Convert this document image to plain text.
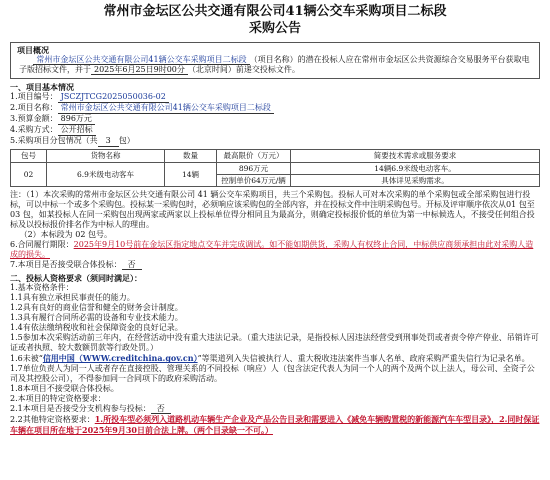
常州市金坛区公共交通有限公司41辆公交车采购项目二标段
采购公告
项目概况

常州市金坛区公共交通有限公司41辆公交车采购项目二标段 （项目名称）的潜在投标人应在常州市金坛区公共资源综合交易服务平台获取电子版招标文件，并于 2025年6月25日9时00分 （北京时间）前递交投标文件。

一、项目基本情况
1.项目编号： JSCZJTCG2025050036-02
2.项目名称： 常州市金坛区公共交通有限公司41辆公交车采购项目二标段
3.预算金额： 896万元
4.采购方式： 公开招标
5.采购项目分包情况（共	3	包）
包号	货物名称	数量	最高限价（万元）	简要技术需求或服务要求
02	6.9米级电动客车	14辆	896万元	14辆6.9米级电动客车。
			控制单价64万元/辆	具体详见采购需求。

注：（1）本次采购的常州市金坛区公共交通有限公司 41 辆公交车采购项目，共三个采购包。投标人可对本次采购的单个采购包或全部采购包进行投标，可以中标一个或多个采购包。投标某一采购包时，必须响应该采购包的全部内容，并在投标文件中注明采购包号。开标及评审顺序依次从01 包至 03 包，如某投标人在同一采购包出现两家或两家以上投标单位得分相同且为最高分，则确定投标报价低的单位为第一中标候选人，不接受任何组合投标及以投标报价排名作为中标人的理由。

（2）本标段为 02 包号。

6.合同履行期限：2025年9月10号前在金坛区指定地点交车并完成调试。如不能如期供货，采购人有权终止合同，中标供应商须承担由此对采购人造成的损失。

7.本项目是否接受联合体投标： 否

二、投标人资格要求（须同时满足）：

1.基本资格条件：

1.1具有独立承担民事责任的能力。

1.2具有良好的商业信誉和健全的财务会计制度。

1.3具有履行合同所必需的设备和专业技术能力。

1.4有依法缴纳税收和社会保障资金的良好记录。

1.5参加本次采购活动前三年内，在经营活动中没有重大违法记录。（重大违法记录，是指投标人因违法经营受到刑事处罚或者责令停产停业、吊销许可证或者执照、较大数额罚款等行政处罚。）

1.6未被“信用中国（WWW.creditchina.gov.cn）”等渠道列入失信被执行人、重大税收违法案件当事人名单、政府采购严重失信行为记录名单。

1.7单位负责人为同一人或者存在直接控股、管理关系的不同投标（响应）人（包含法定代表人为同一个人的两个及两个以上法人，母公司、全资子公司及其控股公司），不得参加同一合同项下的政府采购活动。

1.8本项目不接受联合体投标。

2.本项目的特定资格要求：

2.1本项目是否接受分支机构参与投标： 否

2.2其他特定资格要求：1.所投车型必须列入道路机动车辆生产企业及产品公告目录和需要进入《减免车辆购置税的新能源汽车车型目录》，2.同时保证车辆在项目所在地于2025年9月30日前合法上牌。（两个目录缺一不可。）
